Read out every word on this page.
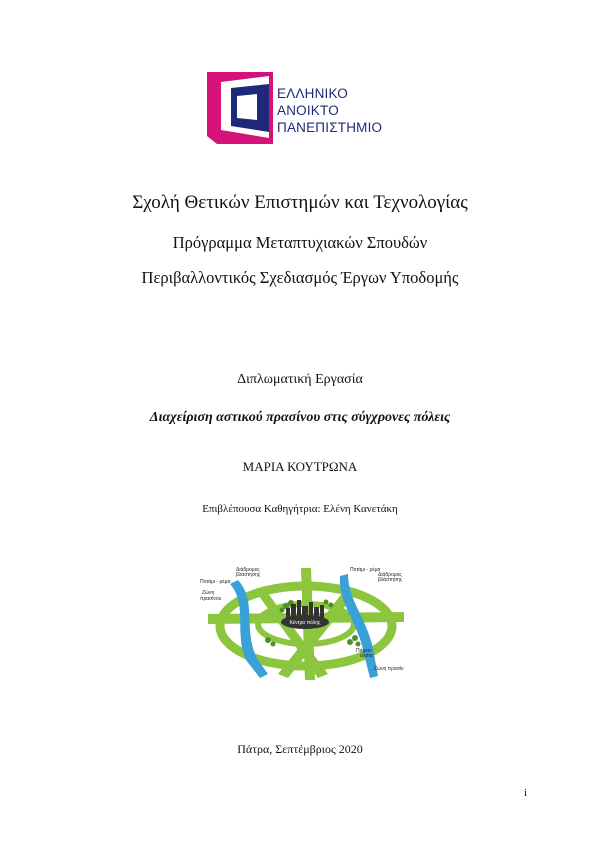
ΕΛΛΗΝΙΚΟ
ΑΝΟΙΚΤΟ
ΠΑΝΕΠΙΣΤΗΜΙΟ
Σχολή Θετικών Επιστημών και Τεχνολογίας
Πρόγραμμα Μεταπτυχιακών Σπουδών
Περιβαλλοντικός Σχεδιασμός Έργων Υποδομής
Διπλωματική Εργασία
Διαχείριση αστικού πρασίνου στις σύγχρονες πόλεις
ΜΑΡΙΑ ΚΟΥΤΡΩΝΑ
Επιβλέπουσα Καθηγήτρια: Ελένη Κανετάκη
Κέντρο πόλης
Διάδρομος
βλάστησης
Ποτάμι - ρέμα
Ζώνη
πρασίνου
Ποτάμι - ρέμα
Διάδρομος
βλάστησης
Πάρκο-
άλσος
Ζώνη πρασίν
Πάτρα, Σεπτέμβριος 2020
i
